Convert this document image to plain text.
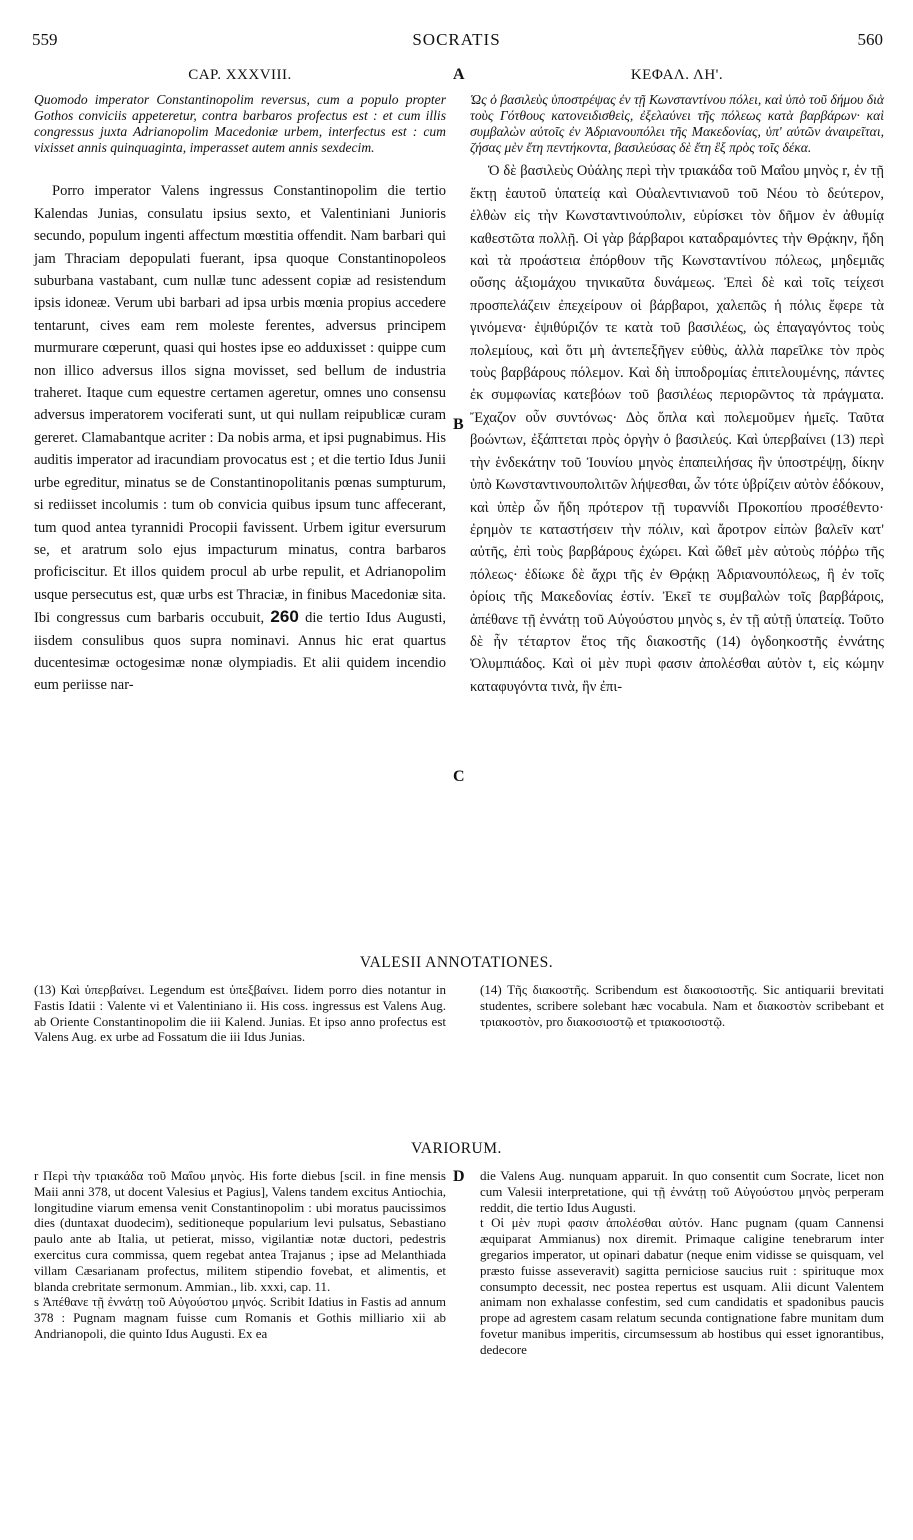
559	SOCRATIS	560
A
B
C
D
CAP. XXXVIII.

Quomodo imperator Constantinopolim reversus, cum a populo propter Gothos conviciis appeteretur, contra barbaros profectus est : et cum illis congressus juxta Adrianopolim Macedoniæ urbem, interfectus est : cum vixisset annis quinquaginta, imperasset autem annis sexdecim.

Porro imperator Valens ingressus Constantinopolim die tertio Kalendas Junias, consulatu ipsius sexto, et Valentiniani Junioris secundo, populum ingenti affectum mœstitia offendit. Nam barbari qui jam Thraciam depopulati fuerant, ipsa quoque Constantinopoleos suburbana vastabant, cum nullæ tunc adessent copiæ ad resistendum ipsis idoneæ. Verum ubi barbari ad ipsa urbis mœnia propius accedere tentarunt, cives eam rem moleste ferentes, adversus principem murmurare cœperunt, quasi qui hostes ipse eo adduxisset : quippe cum non illico adversus illos signa movisset, sed bellum de industria traheret. Itaque cum equestre certamen ageretur, omnes uno consensu adversus imperatorem vociferati sunt, ut qui nullam reipublicæ curam gereret. Clamabantque acriter : Da nobis arma, et ipsi pugnabimus. His auditis imperator ad iracundiam provocatus est ; et die tertio Idus Junii urbe egreditur, minatus se de Constantinopolitanis pœnas sumpturum, si rediisset incolumis : tum ob convicia quibus ipsum tunc affecerant, tum quod antea tyrannidi Procopii favissent. Urbem igitur eversurum se, et aratrum solo ejus impacturum minatus, contra barbaros proficiscitur. Et illos quidem procul ab urbe repulit, et Adrianopolim usque persecutus est, quæ urbs est Thraciæ, in finibus Macedoniæ sita. Ibi congressus cum barbaris occubuit, 260 die tertio Idus Augusti, iisdem consulibus quos supra nominavi. Annus hic erat quartus ducentesimæ octogesimæ nonæ olympiadis. Et alii quidem incendio eum periisse nar-

ΚΕΦΑΛ. ΛΗ'.

Ὡς ὁ βασιλεὺς ὑποστρέψας ἐν τῇ Κωνσταντίνου πόλει, καὶ ὑπὸ τοῦ δήμου διὰ τοὺς Γότθους κατονειδισθεὶς, ἐξελαύνει τῆς πόλεως κατὰ βαρβάρων· καὶ συμβαλὼν αὐτοῖς ἐν Ἀδριανουπόλει τῆς Μακεδονίας, ὑπ' αὐτῶν ἀναιρεῖται, ζήσας μὲν ἔτη πεντήκοντα, βασιλεύσας δὲ ἔτη ἓξ πρὸς τοῖς δέκα.

Ὁ δὲ βασιλεὺς Οὐάλης περὶ τὴν τριακάδα τοῦ Μαΐου μηνὸς r, ἐν τῇ ἕκτῃ ἑαυτοῦ ὑπατείᾳ καὶ Οὐαλεντινιανοῦ τοῦ Νέου τὸ δεύτερον, ἐλθὼν εἰς τὴν Κωνσταντινούπολιν, εὑρίσκει τὸν δῆμον ἐν ἀθυμίᾳ καθεστῶτα πολλῇ. Οἱ γὰρ βάρβαροι καταδραμόντες τὴν Θρᾴκην, ἤδη καὶ τὰ προάστεια ἐπόρθουν τῆς Κωνσταντίνου πόλεως, μηδεμιᾶς οὔσης ἀξιομάχου τηνικαῦτα δυνάμεως. Ἐπεὶ δὲ καὶ τοῖς τείχεσι προσπελάζειν ἐπεχείρουν οἱ βάρβαροι, χαλεπῶς ἡ πόλις ἔφερε τὰ γινόμενα· ἐψιθύριζόν τε κατὰ τοῦ βασιλέως, ὡς ἐπαγαγόντος τοὺς πολεμίους, καὶ ὅτι μὴ ἀντεπεξῆγεν εὐθὺς, ἀλλὰ παρεῖλκε τὸν πρὸς τοὺς βαρβάρους πόλεμον. Καὶ δὴ ἱπποδρομίας ἐπιτελουμένης, πάντες ἐκ συμφωνίας κατεβόων τοῦ βασιλέως περιορῶντος τὰ πράγματα. Ἔχαζον οὖν συντόνως· Δὸς ὅπλα καὶ πολεμοῦμεν ἡμεῖς. Ταῦτα βοώντων, ἐξάπτεται πρὸς ὀργὴν ὁ βασιλεύς. Καὶ ὑπερβαίνει (13) περὶ τὴν ἑνδεκάτην τοῦ Ἰουνίου μηνὸς ἐπαπειλήσας ἣν ὑποστρέψῃ, δίκην ὑπὸ Κωνσταντινουπολιτῶν λήψεσθαι, ὧν τότε ὑβρίζειν αὐτὸν ἐδόκουν, καὶ ὑπὲρ ὧν ἤδη πρότερον τῇ τυραννίδι Προκοπίου προσέθεντο· ἐρημὸν τε καταστήσειν τὴν πόλιν, καὶ ἄροτρον εἰπὼν βαλεῖν κατ' αὐτῆς, ἐπὶ τοὺς βαρβάρους ἐχώρει. Καὶ ὤθεῖ μὲν αὐτοὺς πόῤῥω τῆς πόλεως· ἐδίωκε δὲ ἄχρι τῆς ἐν Θρᾴκῃ Ἀδριανουπόλεως, ἣ ἐν τοῖς ὁρίοις τῆς Μακεδονίας ἐστίν. Ἐκεῖ τε συμβαλὼν τοῖς βαρβάροις, ἀπέθανε τῇ ἐννάτῃ τοῦ Αὐγούστου μηνὸς s, ἐν τῇ αὐτῇ ὑπατείᾳ. Τοῦτο δὲ ἦν τέταρτον ἔτος τῆς διακοστῆς (14) ὀγδοηκοστῆς ἐννάτης Ὀλυμπιάδος. Καὶ οἱ μὲν πυρὶ φασιν ἀπολέσθαι αὐτὸν t, εἰς κώμην καταφυγόντα τινὰ, ἣν ἐπι-

VALESII ANNOTATIONES.
(13) Καὶ ὑπερβαίνει. Legendum est ὑπεξβαίνει. Iidem porro dies notantur in Fastis Idatii : Valente vi et Valentiniano ii. His coss. ingressus est Valens Aug. ab Oriente Constantinopolim die iii Kalend. Junias. Et ipso anno profectus est Valens Aug. ex urbe ad Fossatum die iii Idus Junias.
(14) Τῆς διακοστῆς. Scribendum est διακοσιοστῆς. Sic antiquarii brevitati studentes, scribere solebant hæc vocabula. Nam et διακοστὸν scribebant et τριακοστὸν, pro διακοσιοστῷ et τριακοσιοστῷ.
VARIORUM.
r Περὶ τὴν τριακάδα τοῦ Μαΐου μηνὸς. His forte diebus [scil. in fine mensis Maii anni 378, ut docent Valesius et Pagius], Valens tandem excitus Antiochia, longitudine viarum emensa venit Constantinopolim : ubi moratus paucissimos dies (duntaxat duodecim), seditioneque popularium levi pulsatus, Sebastiano paulo ante ab Italia, ut petierat, misso, vigilantiæ notæ ductori, pedestris exercitus cura commissa, quem regebat antea Trajanus ; ipse ad Melanthiada villam Cæsarianam profectus, militem stipendio fovebat, et alimentis, et blanda crebritate sermonum. Ammian., lib. xxxi, cap. 11.
s Ἀπέθανε τῇ ἐννάτῃ τοῦ Αὐγούστου μηνός. Scribit Idatius in Fastis ad annum 378 : Pugnam magnam fuisse cum Romanis et Gothis milliario xii ab Andrianopoli, die quinto Idus Augusti. Ex ea
die Valens Aug. nunquam apparuit. In quo consentit cum Socrate, licet non cum Valesii interpretatione, qui τῇ ἐννάτῃ τοῦ Αὐγούστου μηνὸς perperam reddit, die tertio Idus Augusti.
t Οἱ μὲν πυρὶ φασιν ἀπολέσθαι αὐτόν. Hanc pugnam (quam Cannensi æquiparat Ammianus) nox diremit. Primaque caligine tenebrarum inter gregarios imperator, ut opinari dabatur (neque enim vidisse se quisquam, vel præsto fuisse asseveravit) sagitta perniciose saucius ruit : spirituque mox consumpto decessit, nec postea repertus est usquam. Alii dicunt Valentem animam non exhalasse confestim, sed cum candidatis et spadonibus paucis prope ad agrestem casam relatum secunda contignatione fabre munitam dum fovetur manibus imperitis, circumsessum ab hostibus qui esset ignorantibus, dedecore
